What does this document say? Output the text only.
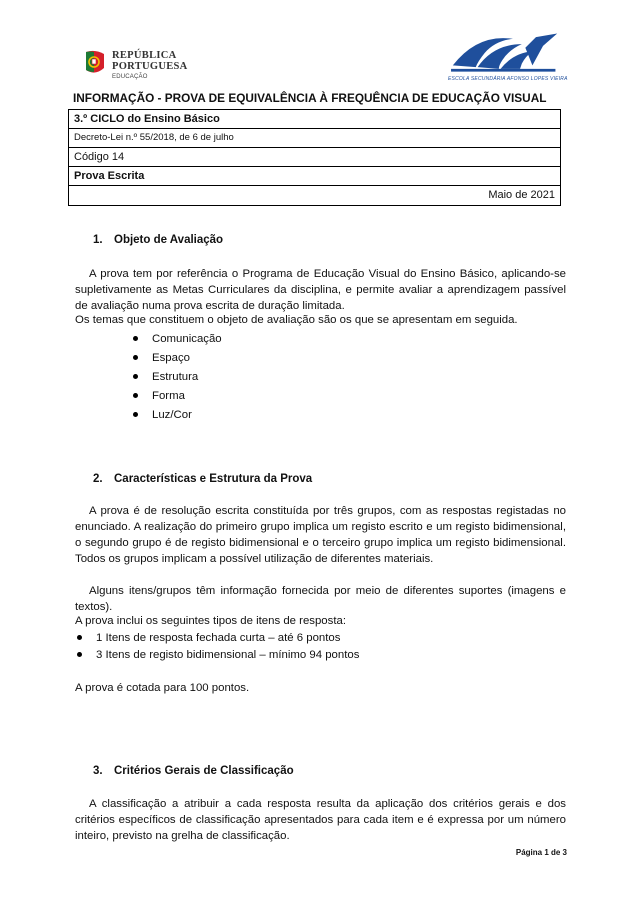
REPÚBLICA
PORTUGUESA
EDUCAÇÃO	ESCOLA SECUNDÁRIA AFONSO LOPES VIEIRA
INFORMAÇÃO - PROVA DE EQUIVALÊNCIA À FREQUÊNCIA DE EDUCAÇÃO VISUAL
3.º CICLO do Ensino Básico
Decreto-Lei n.º 55/2018, de 6 de julho
Código 14
Prova Escrita
Maio de 2021
1. Objeto de Avaliação
A prova tem por referência o Programa de Educação Visual do Ensino Básico, aplicando-se supletivamente as Metas Curriculares da disciplina, e permite avaliar a aprendizagem passível de avaliação numa prova escrita de duração limitada.
Os temas que constituem o objeto de avaliação são os que se apresentam em seguida.
Comunicação
Espaço
Estrutura
Forma
Luz/Cor
2. Características e Estrutura da Prova
A prova é de resolução escrita constituída por três grupos, com as respostas registadas no enunciado. A realização do primeiro grupo implica um registo escrito e um registo bidimensional, o segundo grupo é de registo bidimensional e o terceiro grupo implica um registo bidimensional. Todos os grupos implicam a possível utilização de diferentes materiais.
Alguns itens/grupos têm informação fornecida por meio de diferentes suportes (imagens e textos).
A prova inclui os seguintes tipos de itens de resposta:
1 Itens de resposta fechada curta – até 6 pontos
3 Itens de registo bidimensional – mínimo 94 pontos
A prova é cotada para 100 pontos.
3. Critérios Gerais de Classificação
A classificação a atribuir a cada resposta resulta da aplicação dos critérios gerais e dos critérios específicos de classificação apresentados para cada item e é expressa por um número inteiro, previsto na grelha de classificação.
Página 1 de 3
